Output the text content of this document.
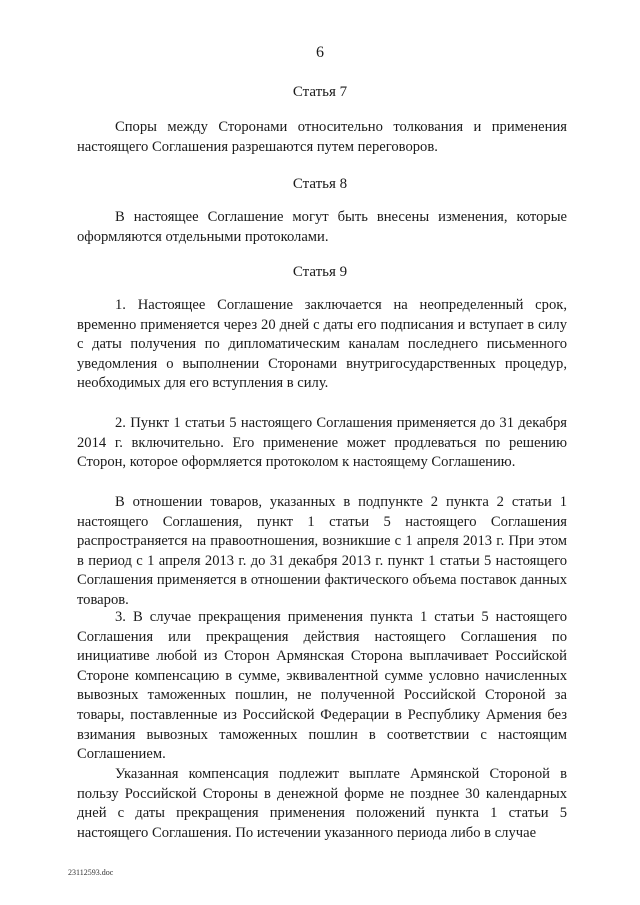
6
Статья 7
Споры между Сторонами относительно толкования и применения настоящего Соглашения разрешаются путем переговоров.
Статья 8
В настоящее Соглашение могут быть внесены изменения, которые оформляются отдельными протоколами.
Статья 9
1. Настоящее Соглашение заключается на неопределенный срок, временно применяется через 20 дней с даты его подписания и вступает в силу с даты получения по дипломатическим каналам последнего письменного уведомления о выполнении Сторонами внутригосударственных процедур, необходимых для его вступления в силу.
2. Пункт 1 статьи 5 настоящего Соглашения применяется до 31 декабря 2014 г. включительно. Его применение может продлеваться по решению Сторон, которое оформляется протоколом к настоящему Соглашению.
В отношении товаров, указанных в подпункте 2 пункта 2 статьи 1 настоящего Соглашения, пункт 1 статьи 5 настоящего Соглашения распространяется на правоотношения, возникшие с 1 апреля 2013 г. При этом в период с 1 апреля 2013 г. до 31 декабря 2013 г. пункт 1 статьи 5 настоящего Соглашения применяется в отношении фактического объема поставок данных товаров.
3. В случае прекращения применения пункта 1 статьи 5 настоящего Соглашения или прекращения действия настоящего Соглашения по инициативе любой из Сторон Армянская Сторона выплачивает Российской Стороне компенсацию в сумме, эквивалентной сумме условно начисленных вывозных таможенных пошлин, не полученной Российской Стороной за товары, поставленные из Российской Федерации в Республику Армения без взимания вывозных таможенных пошлин в соответствии с настоящим Соглашением.
Указанная компенсация подлежит выплате Армянской Стороной в пользу Российской Стороны в денежной форме не позднее 30 календарных дней с даты прекращения применения положений пункта 1 статьи 5 настоящего Соглашения. По истечении указанного периода либо в случае
23112593.doc
